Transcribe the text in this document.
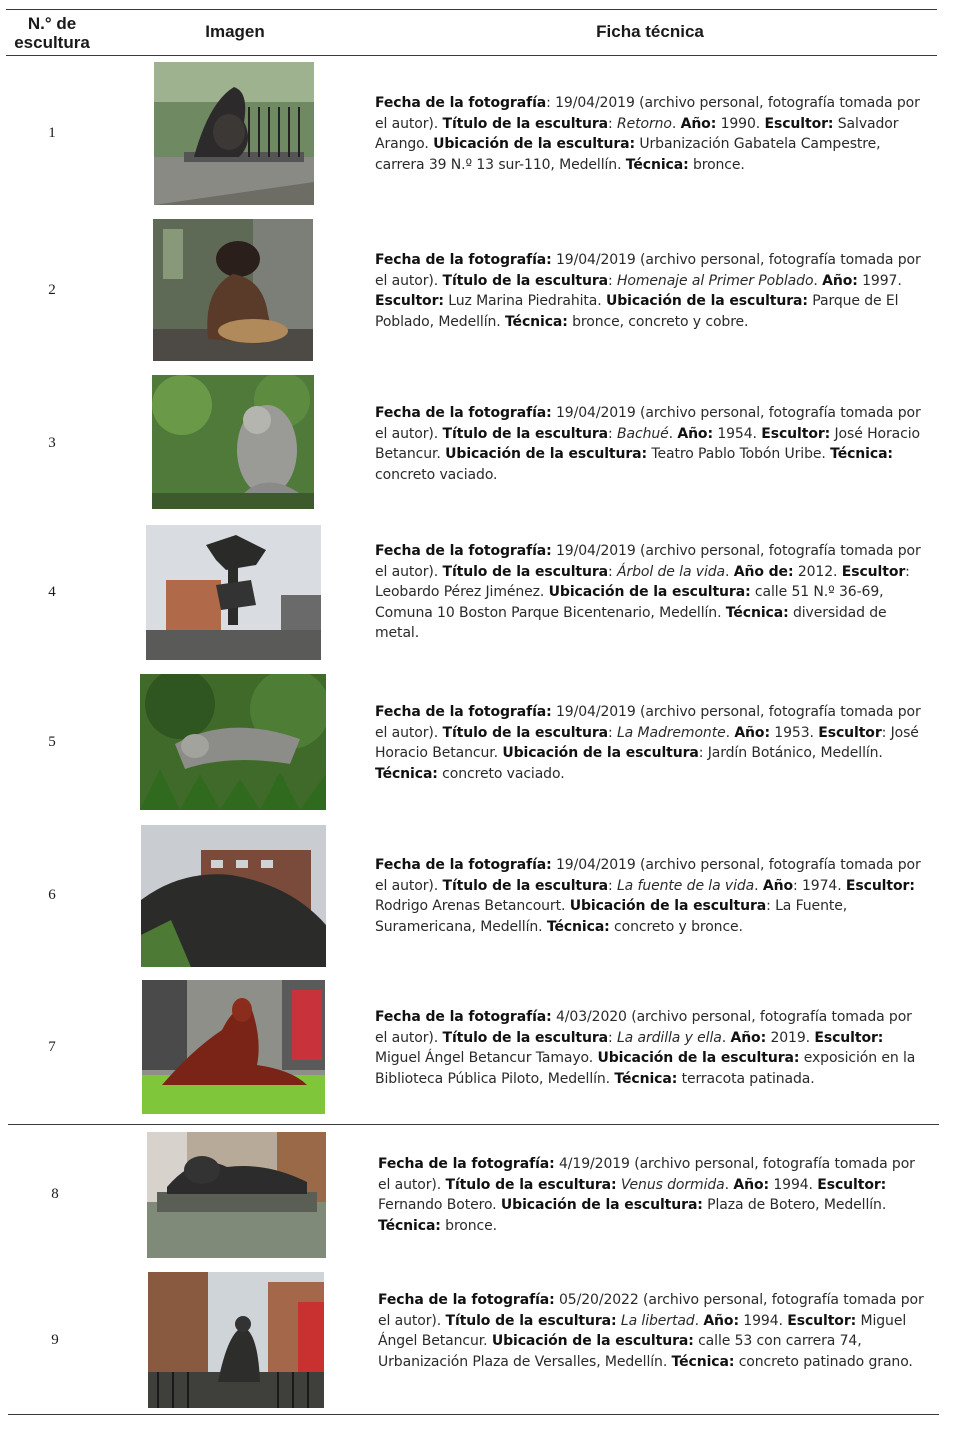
N.° de escultura
Imagen	Ficha técnica
1
Fecha de la fotografía: 19/04/2019 (archivo personal, fotografía tomada por el autor). Título de la escultura: Retorno. Año: 1990. Escultor: Salvador Arango. Ubicación de la escultura: Urbanización Gabatela Campestre, carrera 39 N.º 13 sur-110, Medellín. Técnica: bronce.
2
Fecha de la fotografía: 19/04/2019 (archivo personal, fotografía tomada por el autor). Título de la escultura: Homenaje al Primer Poblado. Año: 1997. Escultor: Luz Marina Piedrahita. Ubicación de la escultura: Parque de El Poblado, Medellín. Técnica: bronce, concreto y cobre.
3
Fecha de la fotografía: 19/04/2019 (archivo personal, fotografía tomada por el autor). Título de la escultura: Bachué. Año: 1954. Escultor: José Horacio Betancur. Ubicación de la escultura: Teatro Pablo Tobón Uribe. Técnica: concreto vaciado.
4
Fecha de la fotografía: 19/04/2019 (archivo personal, fotografía tomada por el autor). Título de la escultura: Árbol de la vida. Año de: 2012. Escultor: Leobardo Pérez Jiménez. Ubicación de la escultura: calle 51 N.º 36-69, Comuna 10 Boston Parque Bicentenario, Medellín. Técnica: diversidad de metal.
5
Fecha de la fotografía: 19/04/2019 (archivo personal, fotografía tomada por el autor). Título de la escultura: La Madremonte. Año: 1953. Escultor: José Horacio Betancur. Ubicación de la escultura: Jardín Botánico, Medellín. Técnica: concreto vaciado.
6
Fecha de la fotografía: 19/04/2019 (archivo personal, fotografía tomada por el autor). Título de la escultura: La fuente de la vida. Año: 1974. Escultor: Rodrigo Arenas Betancourt. Ubicación de la escultura: La Fuente, Suramericana, Medellín. Técnica: concreto y bronce.
7
Fecha de la fotografía: 4/03/2020 (archivo personal, fotografía tomada por el autor). Título de la escultura: La ardilla y ella. Año: 2019. Escultor: Miguel Ángel Betancur Tamayo. Ubicación de la escultura: exposición en la Biblioteca Pública Piloto, Medellín. Técnica: terracota patinada.
8
Fecha de la fotografía: 4/19/2019 (archivo personal, fotografía tomada por el autor). Título de la escultura: Venus dormida. Año: 1994. Escultor: Fernando Botero. Ubicación de la escultura: Plaza de Botero, Medellín. Técnica: bronce.
9
Fecha de la fotografía: 05/20/2022 (archivo personal, fotografía tomada por el autor). Título de la escultura: La libertad. Año: 1994. Escultor: Miguel Ángel Betancur. Ubicación de la escultura: calle 53 con carrera 74, Urbanización Plaza de Versalles, Medellín. Técnica: concreto patinado grano.
